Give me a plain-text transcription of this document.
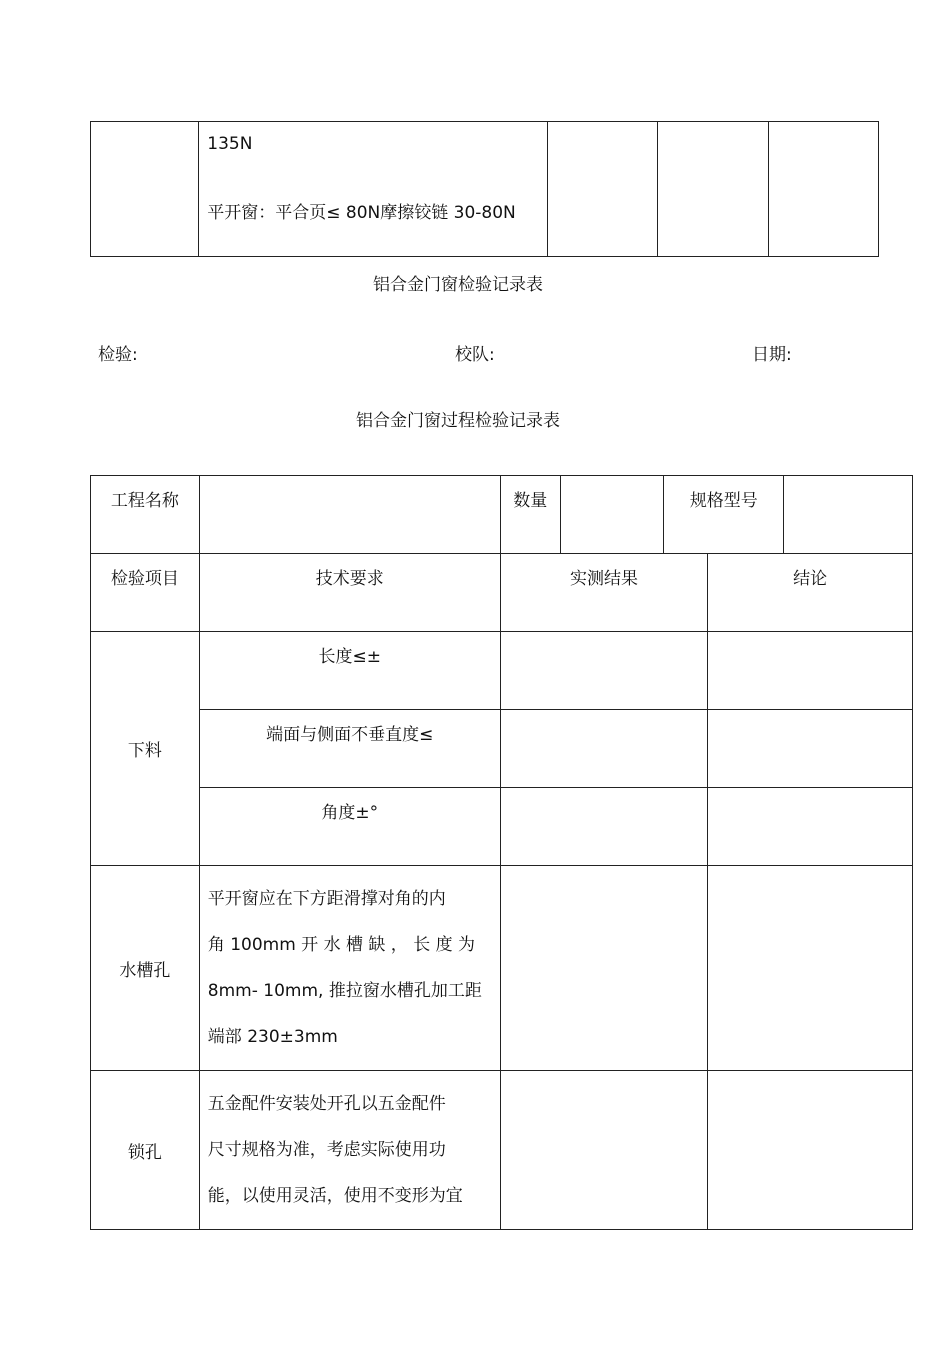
135N
平开窗：平合页≤ 80N摩擦铰链 30-80N

铝合金门窗检验记录表
检验:	校队:	日期:
铝合金门窗过程检验记录表
工程名称		数量		规格型号		
检验项目	技术要求	实测结果			结论	
下料	长度≤±					
	端面与侧面不垂直度≤					
	角度±°					
水槽孔	平开窗应在下方距滑撑对角的内
角 100mm 开 水 槽 缺 ， 长 度 为
8mm- 10mm, 推拉窗水槽孔加工距
端部 230±3mm					

锁孔	五金配件安装处开孔以五金配件
尺寸规格为准，考虑实际使用功
能，以使用灵活，使用不变形为宜					
